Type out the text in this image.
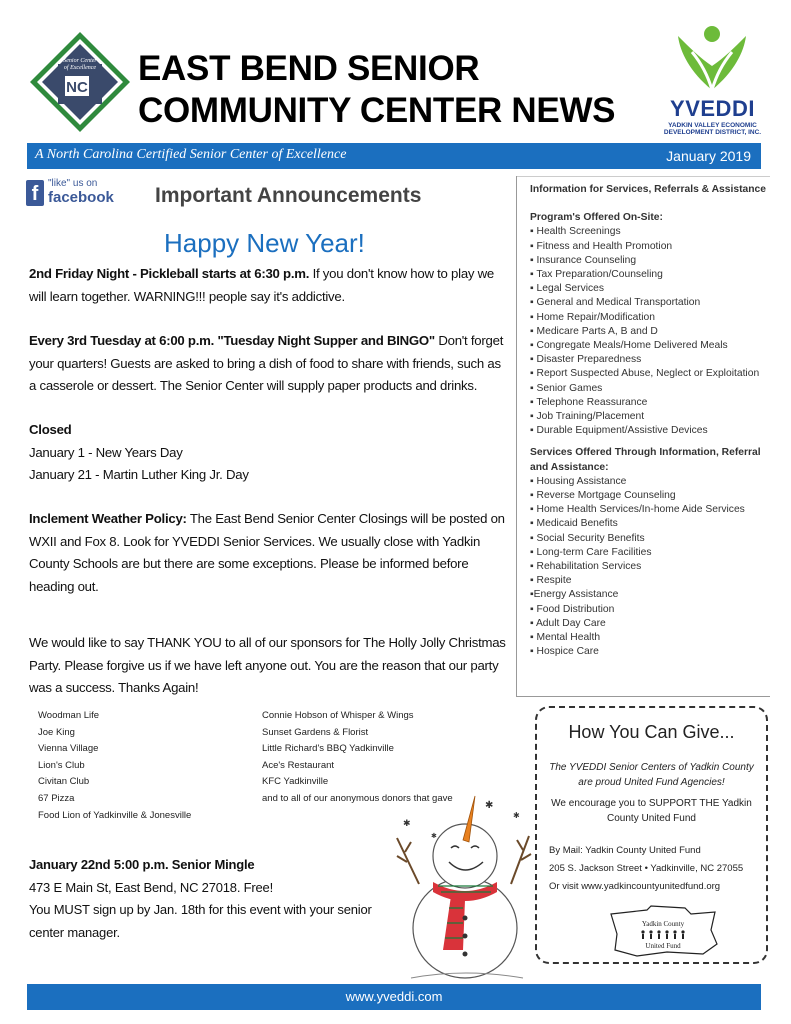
Senior Center
of Excellence
NC EAST BEND SENIOR
COMMUNITY CENTER NEWS	YVEDDI
YADKIN VALLEY ECONOMIC DEVELOPMENT DISTRICT, INC.
A North Carolina Certified Senior Center of Excellence	January 2019
f "like" us on
facebook Important Announcements
Happy New Year!
2nd Friday Night - Pickleball starts at 6:30 p.m. If you don't know how to play we will learn together. WARNING!!! people say it's addictive.
Every 3rd Tuesday at 6:00 p.m. "Tuesday Night Supper and BINGO" Don't forget your quarters! Guests are asked to bring a dish of food to share with friends, such as a casserole or dessert. The Senior Center will supply paper products and drinks.
Closed
January 1 - New Years Day
January 21 - Martin Luther King Jr. Day
Inclement Weather Policy: The East Bend Senior Center Closings will be posted on WXII and Fox 8. Look for YVEDDI Senior Services. We usually close with Yadkin County Schools are but there are some exceptions. Please be informed before heading out.
We would like to say THANK YOU to all of our sponsors for The Holly Jolly Christmas Party. Please forgive us if we have left anyone out. You are the reason that our party was a success. Thanks Again!
Woodman Life
Joe King
Vienna Village
Lion's Club
Civitan Club
67 Pizza
Food Lion of Yadkinville & Jonesville
Connie Hobson of Whisper & Wings
Sunset Gardens & Florist
Little Richard's BBQ Yadkinville
Ace's Restaurant
KFC Yadkinville
and to all of our anonymous donors that gave
January 22nd 5:00 p.m. Senior Mingle
473 E Main St, East Bend, NC 27018. Free!
You MUST sign up by Jan. 18th for this event with your senior center manager.
✱
✱
✱
✱
Information for Services, Referrals & Assistance
Program's Offered On-Site:
▪ Health Screenings
▪ Fitness and Health Promotion
▪ Insurance Counseling
▪ Tax Preparation/Counseling
▪ Legal Services
▪ General and Medical Transportation
▪ Home Repair/Modification
▪ Medicare Parts A, B and D
▪ Congregate Meals/Home Delivered Meals
▪ Disaster Preparedness
▪ Report Suspected Abuse, Neglect or Exploitation
▪ Senior Games
▪ Telephone Reassurance
▪ Job Training/Placement
▪ Durable Equipment/Assistive Devices
Services Offered Through Information, Referral and Assistance:
▪ Housing Assistance
▪ Reverse Mortgage Counseling
▪ Home Health Services/In-home Aide Services
▪ Medicaid Benefits
▪ Social Security Benefits
▪ Long-term Care Facilities
▪ Rehabilitation Services
▪ Respite
▪Energy Assistance
▪ Food Distribution
▪ Adult Day Care
▪ Mental Health
▪ Hospice Care
How You Can Give...
The YVEDDI Senior Centers of Yadkin County are proud United Fund Agencies!
We encourage you to SUPPORT THE Yadkin County United Fund
By Mail: Yadkin County United Fund
205 S. Jackson Street • Yadkinville, NC 27055
Or visit www.yadkincountyunitedfund.org
Yadkin County
United Fund
www.yveddi.com
